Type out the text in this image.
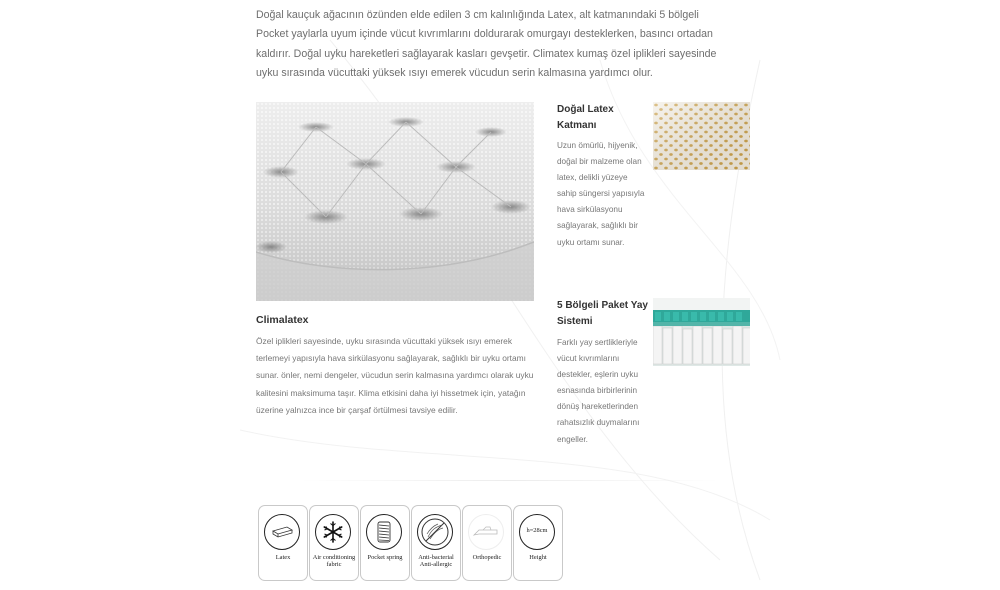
Doğal kauçuk ağacının özünden elde edilen 3 cm kalınlığında Latex, alt katmanındaki 5 bölgeli Pocket yaylarla uyum içinde vücut kıvrımlarını doldurarak omurgayı desteklerken, basıncı ortadan kaldırır. Doğal uyku hareketleri sağlayarak kasları gevşetir. Climatex kumaş özel iplikleri sayesinde uyku sırasında vücuttaki yüksek ısıyı emerek vücudun serin kalmasına yardımcı olur.

Climalatex

Özel iplikleri sayesinde, uyku sırasında vücuttaki yüksek ısıyı emerek terlemeyi yapısıyla hava sirkülasyonu sağlayarak, sağlıklı bir uyku ortamı sunar. önler, nemi dengeler, vücudun serin kalmasına yardımcı olarak uyku kalitesini maksimuma taşır. Klima etkisini daha iyi hissetmek için, yatağın üzerine yalnızca ince bir çarşaf örtülmesi tavsiye edilir.

Doğal Latex Katmanı

Uzun ömürlü, hijyenik, doğal bir malzeme olan latex, delikli yüzeye sahip süngersi yapısıyla hava sirkülasyonu sağlayarak, sağlıklı bir uyku ortamı sunar.

5 Bölgeli Paket Yay Sistemi

Farklı yay sertlikleriyle vücut kıvrımlarını destekler, eşlerin uyku esnasında birbirlerinin dönüş hareketlerinden rahatsızlık duymalarını engeller.

Latex	Air conditioning fabric
Pocket spring	Anti-bacterial Anti-allergic
Orthopedic
h=28cm
Height
